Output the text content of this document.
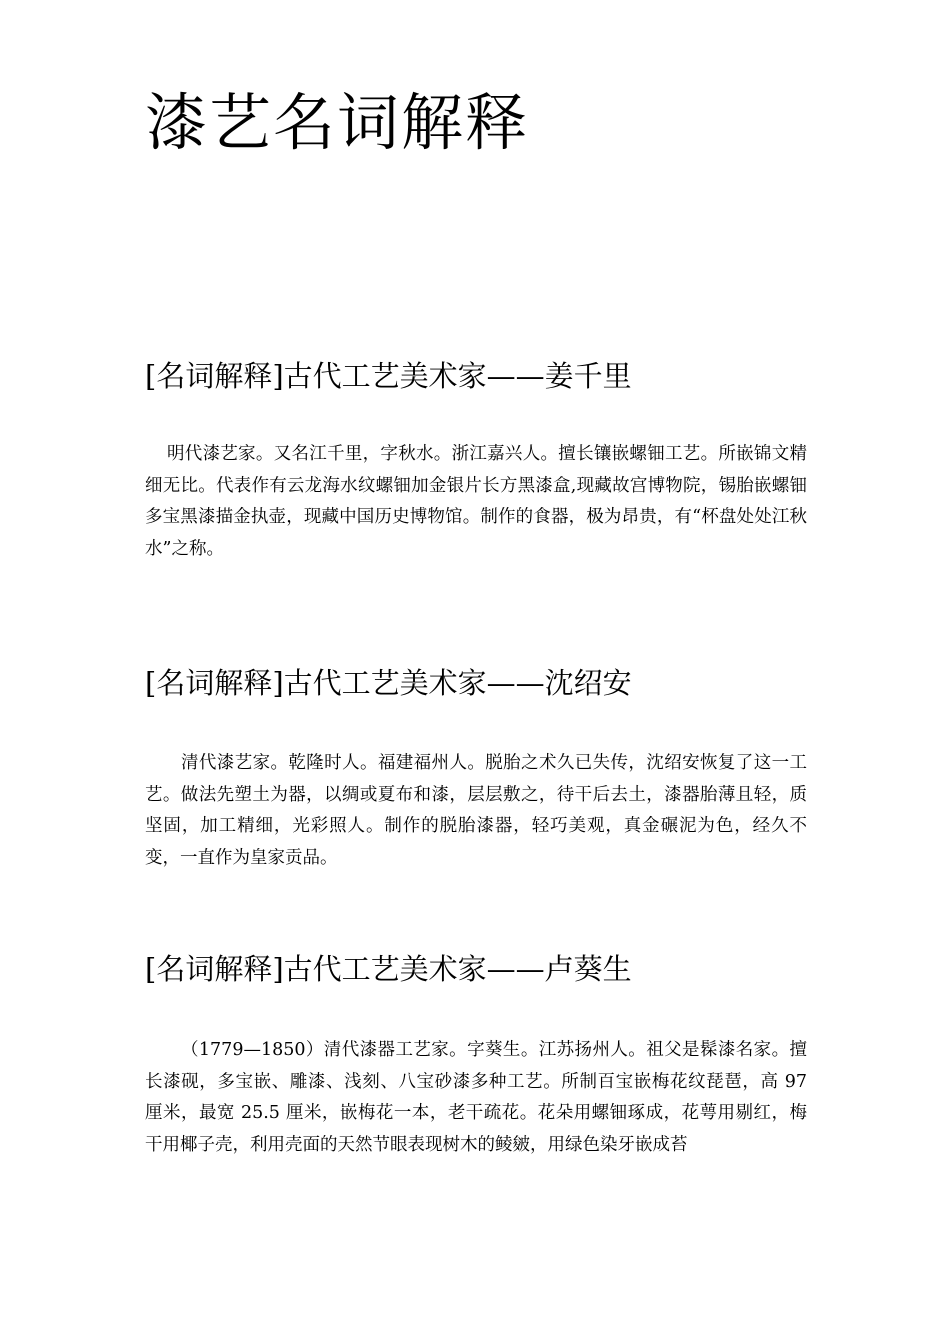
漆艺名词解释
[名词解释]古代工艺美术家——姜千里

明代漆艺家。又名江千里，字秋水。浙江嘉兴人。擅长镶嵌螺钿工艺。所嵌锦文精细无比。代表作有云龙海水纹螺钿加金银片长方黑漆盒,现藏故宫博物院，锡胎嵌螺钿多宝黑漆描金执壶，现藏中国历史博物馆。制作的食器，极为昂贵，有“杯盘处处江秋水”之称。

[名词解释]古代工艺美术家——沈绍安

清代漆艺家。乾隆时人。福建福州人。脱胎之术久已失传，沈绍安恢复了这一工艺。做法先塑土为器，以绸或夏布和漆，层层敷之，待干后去土，漆器胎薄且轻，质坚固，加工精细，光彩照人。制作的脱胎漆器，轻巧美观，真金碾泥为色，经久不变，一直作为皇家贡品。

[名词解释]古代工艺美术家——卢葵生

（1779—1850）清代漆器工艺家。字葵生。江苏扬州人。祖父是髹漆名家。擅长漆砚，多宝嵌、雕漆、浅刻、八宝砂漆多种工艺。所制百宝嵌梅花纹琵琶，高 97 厘米，最宽 25.5 厘米，嵌梅花一本，老干疏花。花朵用螺钿琢成，花萼用剔红，梅干用椰子壳，利用壳面的天然节眼表现树木的鲮皴，用绿色染牙嵌成苔
